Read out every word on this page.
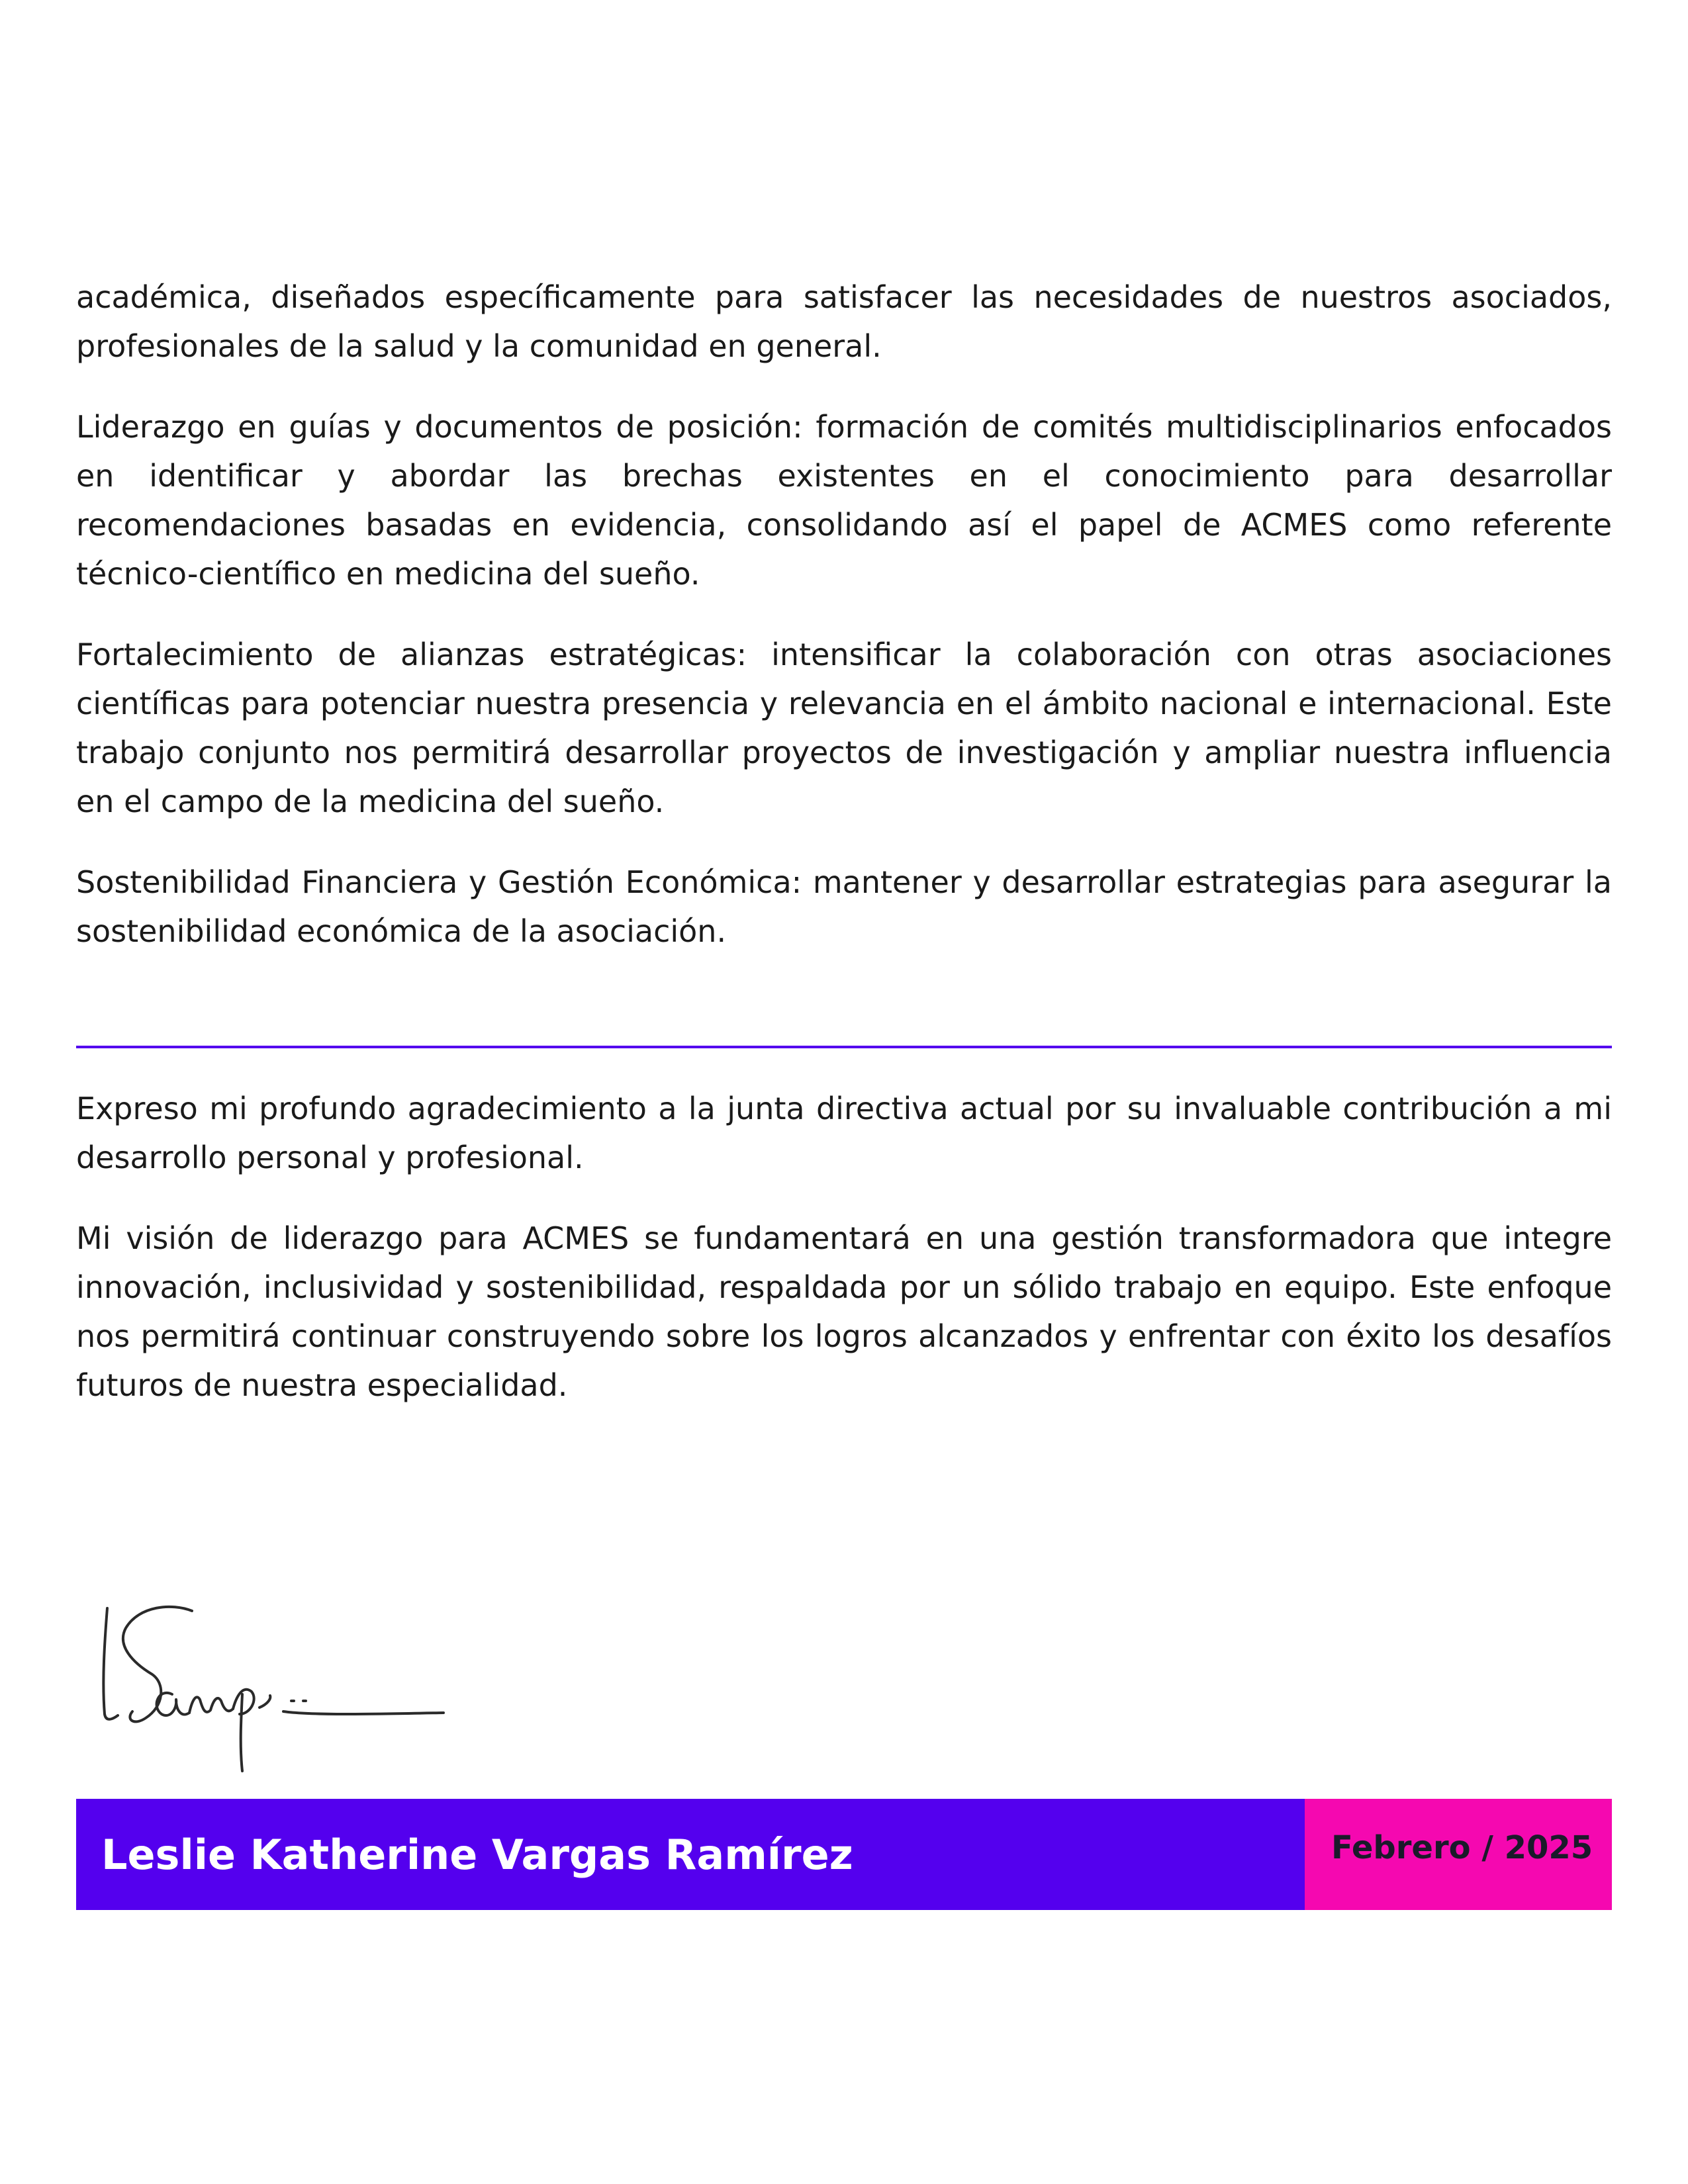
académica, diseñados específicamente para satisfacer las necesidades de nuestros asociados, profesionales de la salud y la comunidad en general.

Liderazgo en guías y documentos de posición: formación de comités multidisciplinarios enfocados en identificar y abordar las brechas existentes en el conocimiento para desarrollar recomendaciones basadas en evidencia, consolidando así el papel de ACMES como referente técnico-científico en medicina del sueño.

Fortalecimiento de alianzas estratégicas: intensificar la colaboración con otras asociaciones científicas para potenciar nuestra presencia y relevancia en el ámbito nacional e internacional. Este trabajo conjunto nos permitirá desarrollar proyectos de investigación y ampliar nuestra influencia en el campo de la medicina del sueño.

Sostenibilidad Financiera y Gestión Económica: mantener y desarrollar estrategias para asegurar la sostenibilidad económica de la asociación.

Expreso mi profundo agradecimiento a la junta directiva actual por su invaluable contribución a mi desarrollo personal y profesional.

Mi visión de liderazgo para ACMES se fundamentará en una gestión transformadora que integre innovación, inclusividad y sostenibilidad, respaldada por un sólido trabajo en equipo. Este enfoque nos permitirá continuar construyendo sobre los logros alcanzados y enfrentar con éxito los desafíos futuros de nuestra especialidad.

Leslie Katherine Vargas Ramírez	Febrero / 2025
